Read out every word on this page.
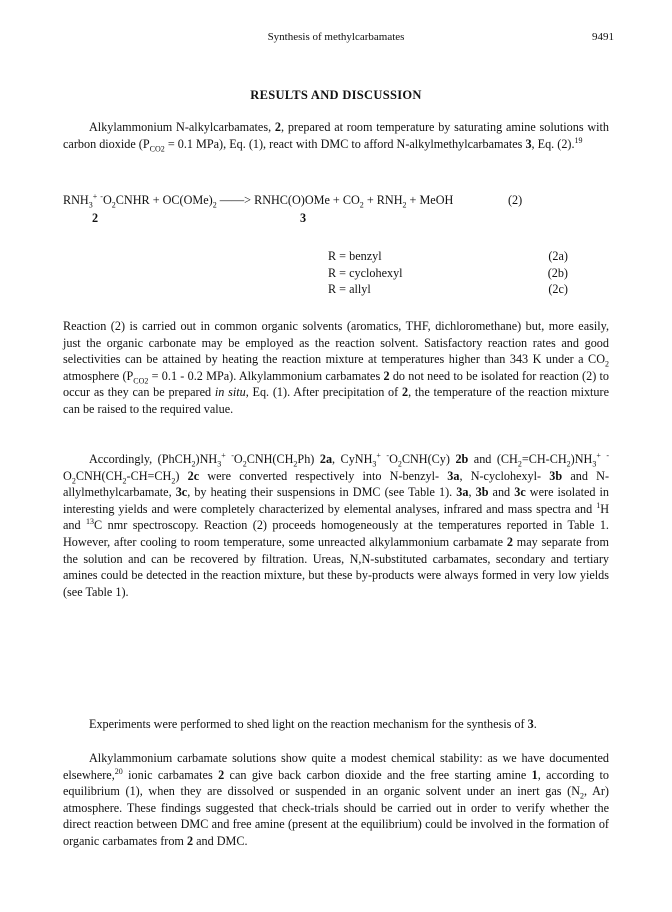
Synthesis of methylcarbamates	9491
RESULTS AND DISCUSSION

Alkylammonium N-alkylcarbamates, 2, prepared at room temperature by saturating amine solutions with carbon dioxide ($P_{CO2} = 0.1$ MPa), Eq. (1), react with DMC to afford N-alkylmethylcarbamates 3, Eq. (2).$^{19}$

$RNH_3^+$ $^-O_2CNHR + OC(OMe)_2$ ——> RNHC(O)OMe + $CO_2 + RNH_2$ + MeOH	(2)
2	3
R = benzyl	(2a)
R = cyclohexyl	(2b)
R = allyl	(2c)

Reaction (2) is carried out in common organic solvents (aromatics, THF, dichloromethane) but, more easily, just the organic carbonate may be employed as the reaction solvent. Satisfactory reaction rates and good selectivities can be attained by heating the reaction mixture at temperatures higher than 343 K under a $CO_2$ atmosphere ($P_{CO2} = 0.1 - 0.2$ MPa). Alkylammonium carbamates 2 do not need to be isolated for reaction (2) to occur as they can be prepared in situ, Eq. (1). After precipitation of 2, the temperature of the reaction mixture can be raised to the required value.

Accordingly, $(PhCH_2)NH_3^+$ $^-O_2CNH(CH_2Ph)$ 2a, CyNH$_3$+ $^-O_2CNH(Cy)$ 2b and $(CH_2=CH-CH_2)NH_3^+$ $^-O_2CNH(CH_2-CH=CH_2)$ 2c were converted respectively into N-benzyl- 3a, N-cyclohexyl- 3b and N-allylmethylcarbamate, 3c, by heating their suspensions in DMC (see Table 1). 3a, 3b and 3c were isolated in interesting yields and were completely characterized by elemental analyses, infrared and mass spectra and $^1$H and $^{13}$C nmr spectroscopy. Reaction (2) proceeds homogeneously at the temperatures reported in Table 1. However, after cooling to room temperature, some unreacted alkylammonium carbamate 2 may separate from the solution and can be recovered by filtration. Ureas, N,N-substituted carbamates, secondary and tertiary amines could be detected in the reaction mixture, but these by-products were always formed in very low yields (see Table 1).

Experiments were performed to shed light on the reaction mechanism for the synthesis of 3.

Alkylammonium carbamate solutions show quite a modest chemical stability: as we have documented elsewhere,$^{20}$ ionic carbamates 2 can give back carbon dioxide and the free starting amine 1, according to equilibrium (1), when they are dissolved or suspended in an organic solvent under an inert gas ($N_2$, Ar) atmosphere. These findings suggested that check-trials should be carried out in order to verify whether the direct reaction between DMC and free amine (present at the equilibrium) could be involved in the formation of organic carbamates from 2 and DMC.
